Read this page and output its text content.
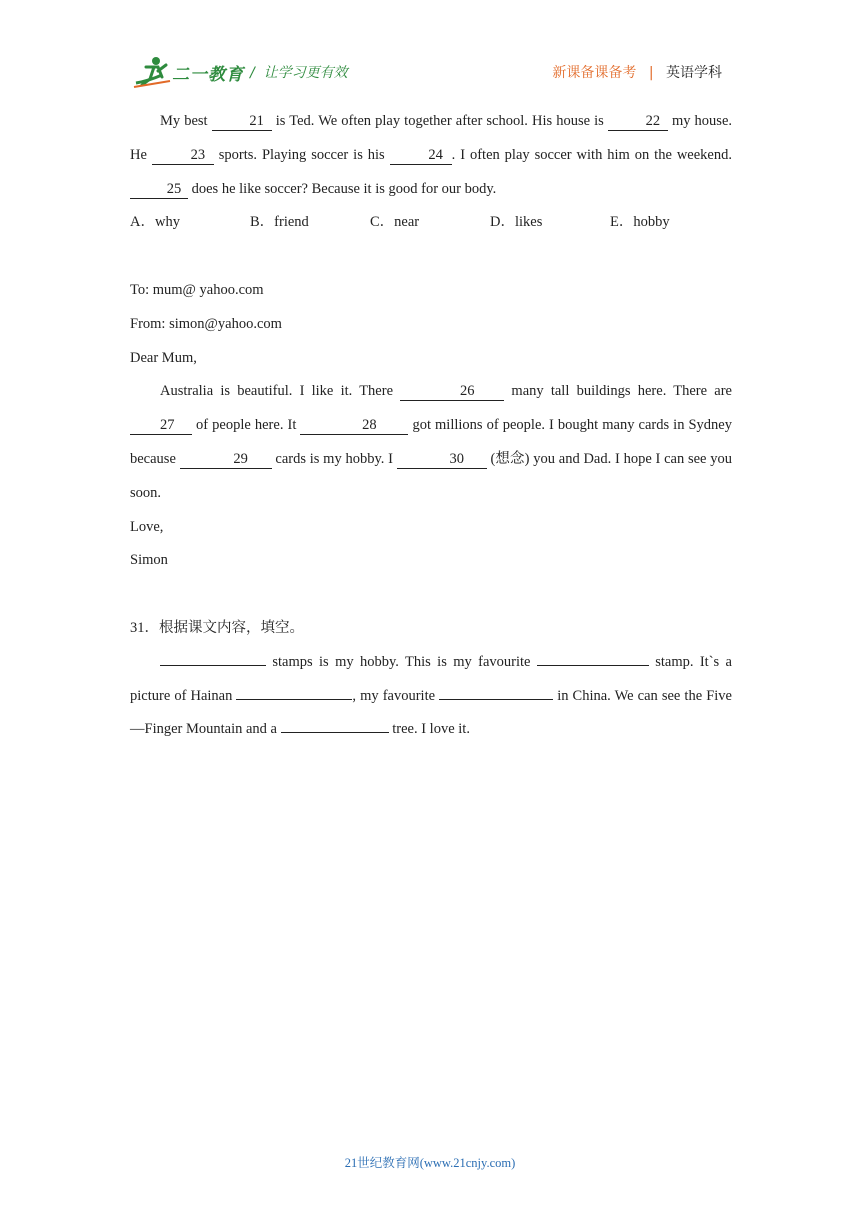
二一教育 /  让学习更有效	新课备课备考 | 英语学科

My best	21 is Ted. We often play together after school. His house is	22 my house. He	23 sports. Playing soccer is his	24 . I often play soccer with him on the weekend. 25 does he like soccer? Because it is good for our body.

A．why	B．friend	C．near	D．likes	E．hobby

To: mum@ yahoo.com

From: simon@yahoo.com

Dear Mum,

Australia is beautiful. I like it. There	26 many tall buildings here. There are 27 of people here. It	28 got millions of people. I bought many cards in Sydney because	29 cards is my hobby. I	30 (想念) you and Dad. I hope I can see you soon.

Love,

Simon

31．根据课文内容，填空。

stamps is my hobby. This is my favourite	stamp. It`s a picture of Hainan	, my favourite	in China. We can see the Five—Finger Mountain and a	tree. I love it.

21世纪教育网(www.21cnjy.com)
